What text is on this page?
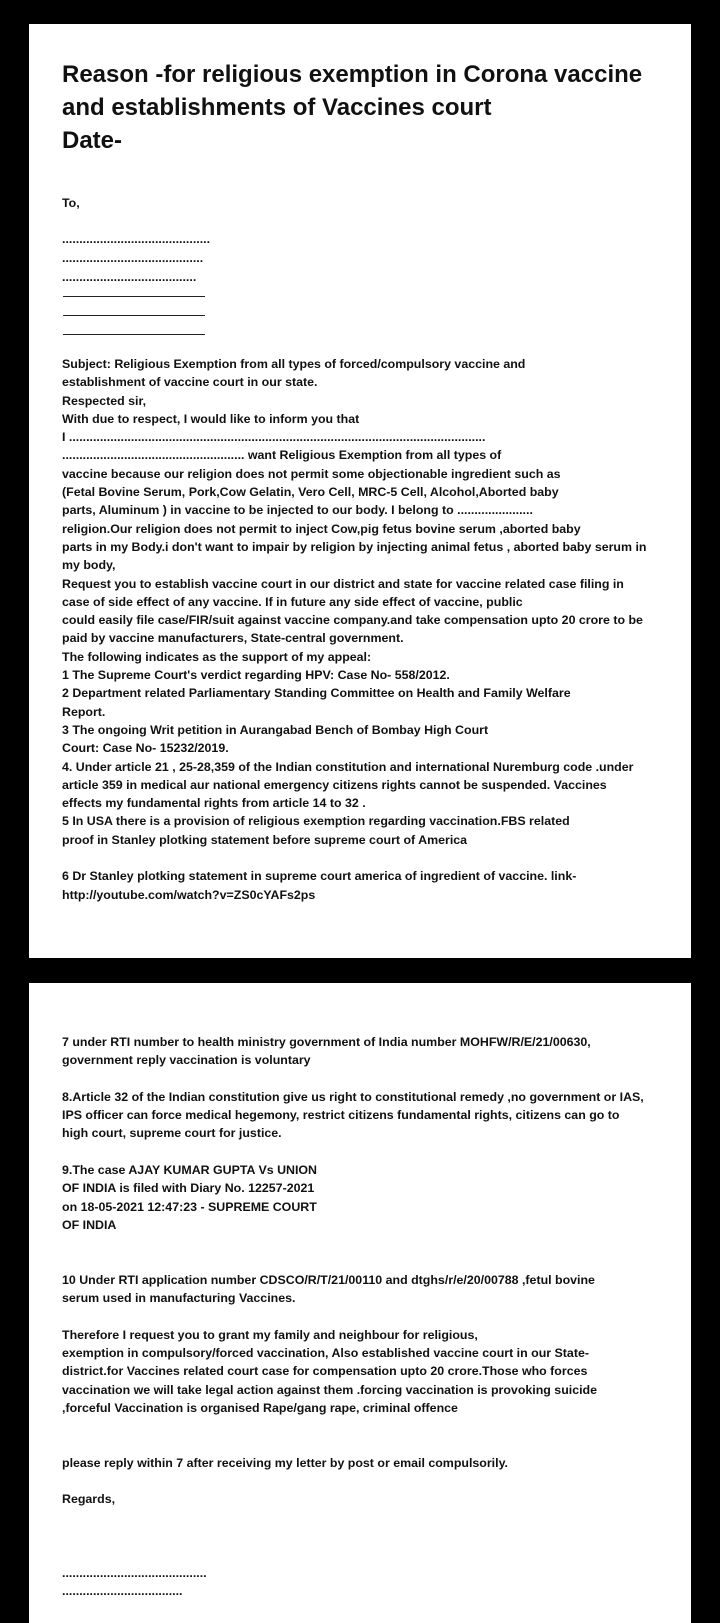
Reason -for religious exemption in Corona vaccine
and establishments of Vaccines court
Date-
To,
...........................................
.........................................
.......................................
Subject: Religious Exemption from all types of forced/compulsory vaccine and
establishment of vaccine court in our state.
Respected sir,
With due to respect, I would like to inform you that
I .........................................................................................................................
..................................................... want Religious Exemption from all types of
vaccine because our religion does not permit some objectionable ingredient such as
(Fetal Bovine Serum, Pork,Cow Gelatin, Vero Cell, MRC-5 Cell, Alcohol,Aborted baby
parts, Aluminum ) in vaccine to be injected to our body. I belong to ......................
religion.Our religion does not permit to inject Cow,pig fetus bovine serum ,aborted baby
parts in my Body.i don't want to impair by religion by injecting animal fetus , aborted baby serum in
my body,
Request you to establish vaccine court in our district and state for vaccine related case filing in
case of side effect of any vaccine. If in future any side effect of vaccine, public
could easily file case/FIR/suit against vaccine company.and take compensation upto 20 crore to be
paid by vaccine manufacturers, State-central government.
The following indicates as the support of my appeal:
1 The Supreme Court's verdict regarding HPV: Case No- 558/2012.
2 Department related Parliamentary Standing Committee on Health and Family Welfare
Report.
3 The ongoing Writ petition in Aurangabad Bench of Bombay High Court
Court: Case No- 15232/2019.
4. Under article 21 , 25-28,359 of the Indian constitution and international Nuremburg code .under
article 359 in medical aur national emergency citizens rights cannot be suspended. Vaccines
effects my fundamental rights from article 14 to 32 .
5 In USA there is a provision of religious exemption regarding vaccination.FBS related
proof in Stanley plotking statement before supreme court of America

6 Dr Stanley plotking statement in supreme court america of ingredient of vaccine. link-
http://youtube.com/watch?v=ZS0cYAFs2ps
7 under RTI number to health ministry government of India number MOHFW/R/E/21/00630,
government reply vaccination is voluntary

8.Article 32 of the Indian constitution give us right to constitutional remedy ,no government or IAS,
IPS officer can force medical hegemony, restrict citizens fundamental rights, citizens can go to
high court, supreme court for justice.

9.The case AJAY KUMAR GUPTA Vs UNION
OF INDIA is filed with Diary No. 12257-2021
on 18-05-2021 12:47:23 - SUPREME COURT
OF INDIA

10 Under RTI application number CDSCO/R/T/21/00110 and dtghs/r/e/20/00788 ,fetul bovine
serum used in manufacturing Vaccines.

Therefore I request you to grant my family and neighbour for religious,
exemption in compulsory/forced vaccination, Also established vaccine court in our State-
district.for Vaccines related court case for compensation upto 20 crore.Those who forces
vaccination we will take legal action against them .forcing vaccination is provoking suicide
,forceful Vaccination is organised Rape/gang rape, criminal offence

please reply within 7 after receiving my letter by post or email compulsorily.

Regards,

..........................................
...................................
